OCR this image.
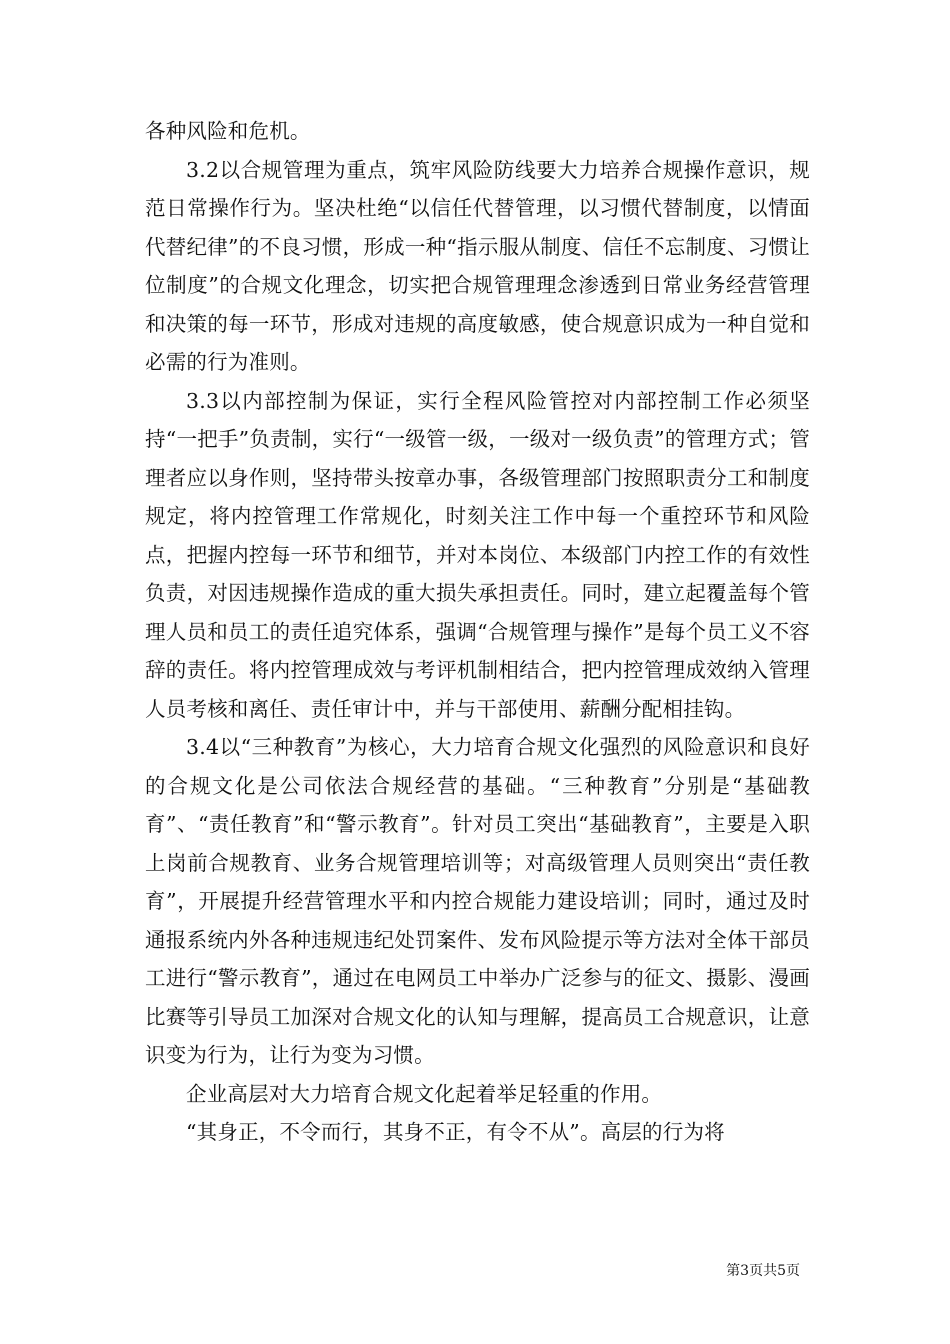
各种风险和危机。

3.2以合规管理为重点，筑牢风险防线要大力培养合规操作意识，规范日常操作行为。坚决杜绝“以信任代替管理，以习惯代替制度，以情面代替纪律”的不良习惯，形成一种“指示服从制度、信任不忘制度、习惯让位制度”的合规文化理念，切实把合规管理理念渗透到日常业务经营管理和决策的每一环节，形成对违规的高度敏感，使合规意识成为一种自觉和必需的行为准则。

3.3以内部控制为保证，实行全程风险管控对内部控制工作必须坚持“一把手”负责制，实行“一级管一级，一级对一级负责”的管理方式；管理者应以身作则，坚持带头按章办事，各级管理部门按照职责分工和制度规定，将内控管理工作常规化，时刻关注工作中每一个重控环节和风险点，把握内控每一环节和细节，并对本岗位、本级部门内控工作的有效性负责，对因违规操作造成的重大损失承担责任。同时，建立起覆盖每个管理人员和员工的责任追究体系，强调“合规管理与操作”是每个员工义不容辞的责任。将内控管理成效与考评机制相结合，把内控管理成效纳入管理人员考核和离任、责任审计中，并与干部使用、薪酬分配相挂钩。

3.4以“三种教育”为核心，大力培育合规文化强烈的风险意识和良好的合规文化是公司依法合规经营的基础。“三种教育”分别是“基础教育”、“责任教育”和“警示教育”。针对员工突出“基础教育”，主要是入职上岗前合规教育、业务合规管理培训等；对高级管理人员则突出“责任教育”，开展提升经营管理水平和内控合规能力建设培训；同时，通过及时通报系统内外各种违规违纪处罚案件、发布风险提示等方法对全体干部员工进行“警示教育”，通过在电网员工中举办广泛参与的征文、摄影、漫画比赛等引导员工加深对合规文化的认知与理解，提高员工合规意识，让意识变为行为，让行为变为习惯。

企业高层对大力培育合规文化起着举足轻重的作用。

“其身正，不令而行，其身不正，有令不从”。高层的行为将

第3页共5页
